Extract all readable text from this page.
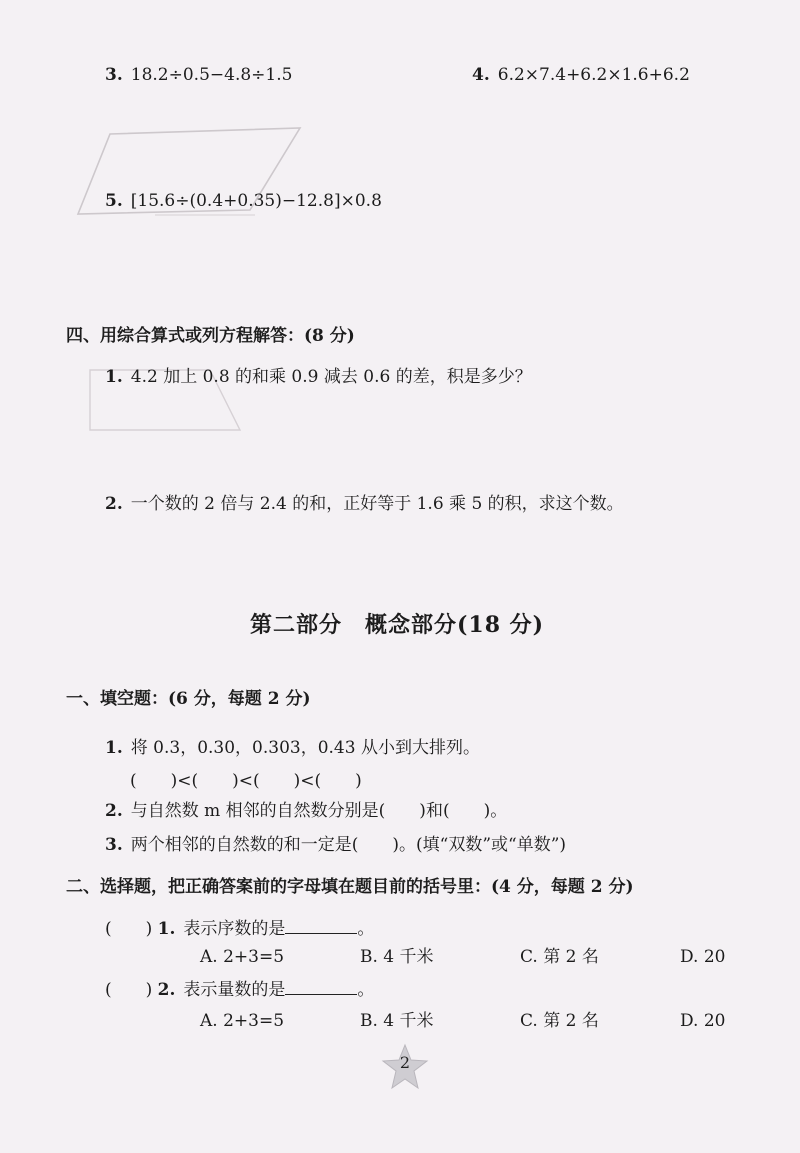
3. 18.2÷0.5−4.8÷1.5	4. 6.2×7.4+6.2×1.6+6.2
5. [15.6÷(0.4+0.35)−12.8]×0.8
四、用综合算式或列方程解答：(8 分)
1. 4.2 加上 0.8 的和乘 0.9 减去 0.6 的差，积是多少？
2. 一个数的 2 倍与 2.4 的和，正好等于 1.6 乘 5 的积，求这个数。
第二部分　概念部分(18 分)
一、填空题：(6 分，每题 2 分)
1. 将 0.3，0.30，0.303，0.43 从小到大排列。
(　　)<(　　)<(　　)<(　　)
2. 与自然数 m 相邻的自然数分别是(　　)和(　　)。
3. 两个相邻的自然数的和一定是(　　)。(填“双数”或“单数”)
二、选择题，把正确答案前的字母填在题目前的括号里：(4 分，每题 2 分)
(　　) 1. 表示序数的是	。
A. 2+3=5	B. 4 千米	C. 第 2 名	D. 20
(　　) 2. 表示量数的是	。
A. 2+3=5	B. 4 千米	C. 第 2 名	D. 20
2
